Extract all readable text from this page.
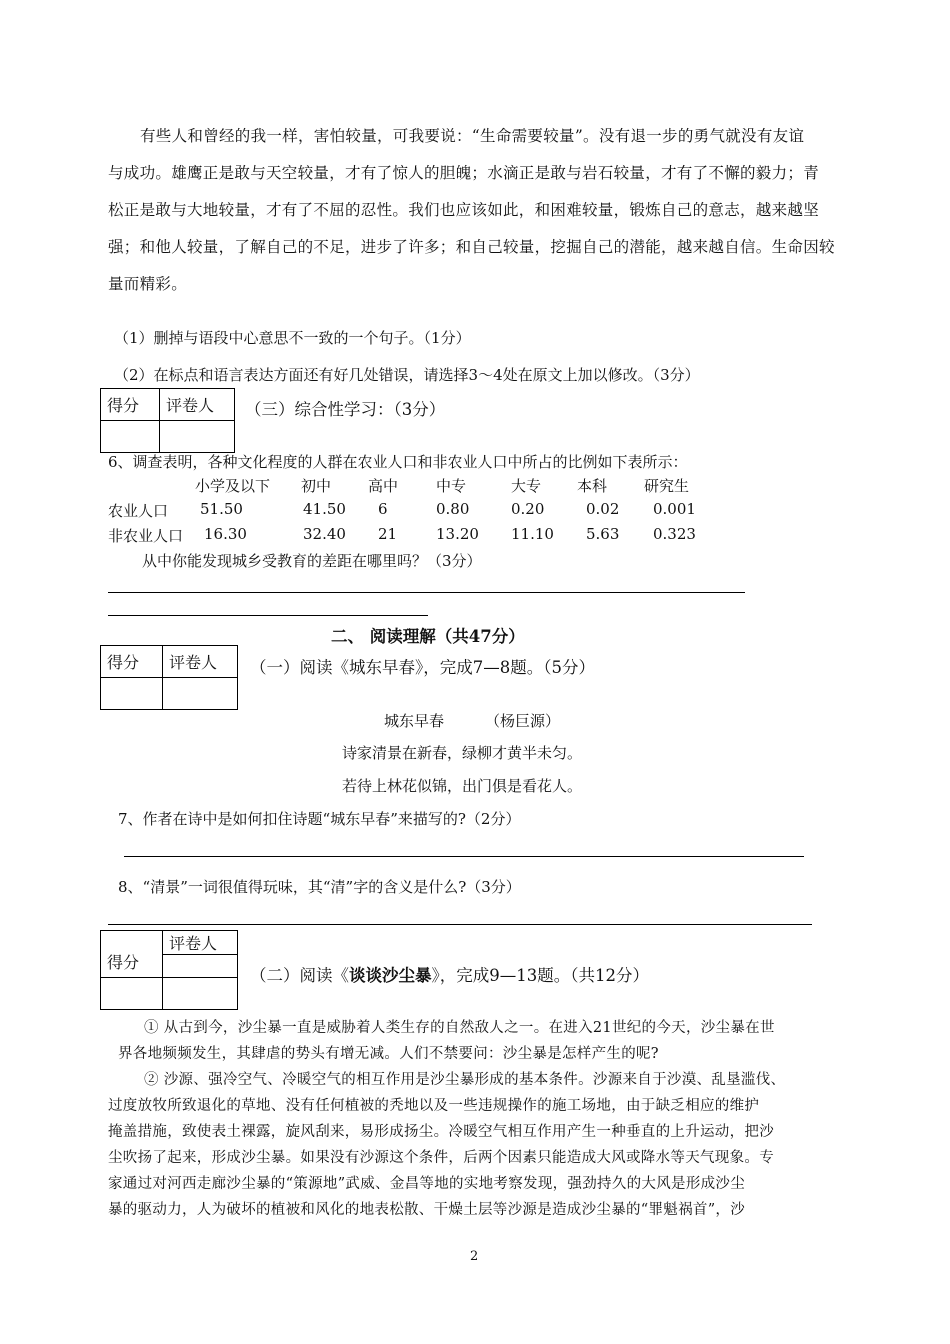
有些人和曾经的我一样，害怕较量，可我要说：“生命需要较量”。没有退一步的勇气就没有友谊
与成功。雄鹰正是敢与天空较量，才有了惊人的胆魄；水滴正是敢与岩石较量，才有了不懈的毅力；青
松正是敢与大地较量，才有了不屈的忍性。我们也应该如此，和困难较量，锻炼自己的意志，越来越坚
强；和他人较量，了解自己的不足，进步了许多；和自己较量，挖掘自己的潜能，越来越自信。生命因较
量而精彩。
（1）删掉与语段中心意思不一致的一个句子。（1分）
（2）在标点和语言表达方面还有好几处错误，请选择3～4处在原文上加以修改。（3分）
得分	评卷人
	（三）综合性学习：（3分）
6、调查表明，各种文化程度的人群在农业人口和非农业人口中所占的比例如下表所示：
小学及以下 初中 高中	中专	大专 本科 研究生
农业人口 51.50	41.50 6	0.80	0.20	0.02 0.001
非农业人口 16.30	32.40 21	13.20 11.10 5.63 0.323
从中你能发现城乡受教育的差距在哪里吗？（3分）
二、 阅读理解（共47分）
得分	评卷人
	（一）阅读《城东早春》，完成7—8题。（5分）
城东早春	（杨巨源）
诗家清景在新春，绿柳才黄半未匀。
若待上林花似锦，出门俱是看花人。
7、作者在诗中是如何扣住诗题“城东早春”来描写的?（2分）
8、“清景”一词很值得玩味，其“清”字的含义是什么?（3分）
得分	评卷人

（二）阅读《谈谈沙尘暴》，完成9—13题。（共12分）
① 从古到今，沙尘暴一直是威胁着人类生存的自然敌人之一。在进入21世纪的今天，沙尘暴在世
界各地频频发生，其肆虐的势头有增无减。人们不禁要问：沙尘暴是怎样产生的呢?
② 沙源、强冷空气、冷暖空气的相互作用是沙尘暴形成的基本条件。沙源来自于沙漠、乱垦滥伐、
过度放牧所致退化的草地、没有任何植被的秃地以及一些违规操作的施工场地，由于缺乏相应的维护
掩盖措施，致使表土裸露，旋风刮来，易形成扬尘。冷暖空气相互作用产生一种垂直的上升运动，把沙
尘吹扬了起来，形成沙尘暴。如果没有沙源这个条件，后两个因素只能造成大风或降水等天气现象。专
家通过对河西走廊沙尘暴的“策源地”武威、金昌等地的实地考察发现，强劲持久的大风是形成沙尘
暴的驱动力，人为破坏的植被和风化的地表松散、干燥土层等沙源是造成沙尘暴的“罪魁祸首”，沙
2
